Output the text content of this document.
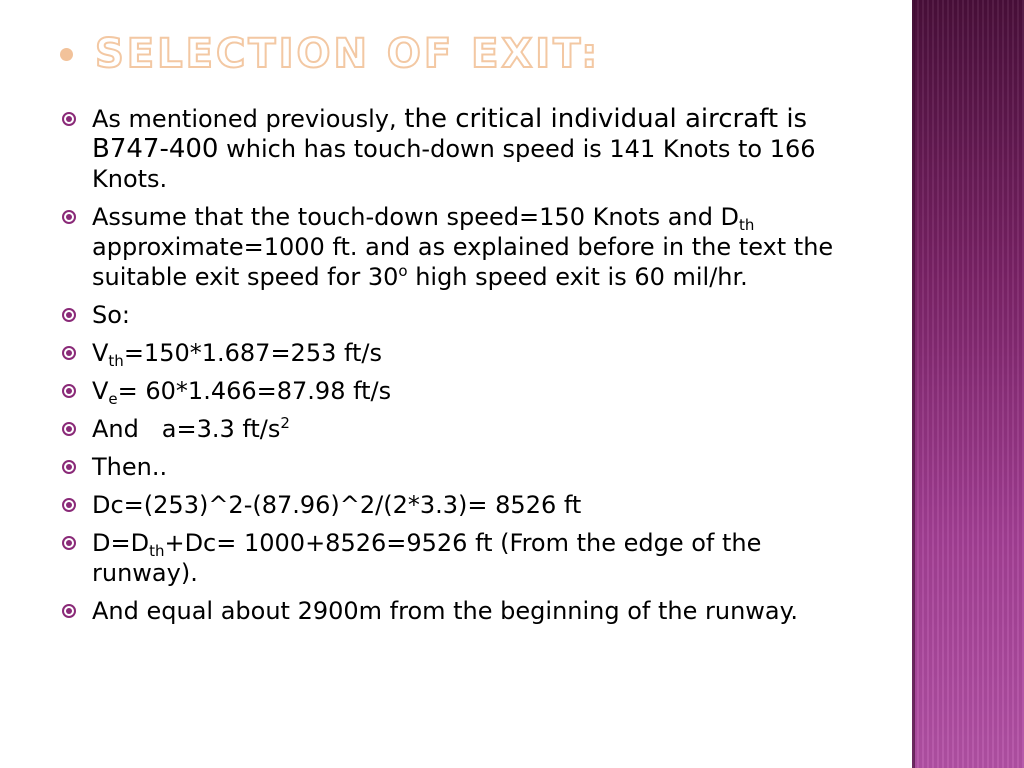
SELECTION OF EXIT:
As mentioned previously, the critical individual aircraft is B747-400 which has touch-down speed is 141 Knots to 166 Knots.
Assume that the touch-down speed=150 Knots and $D_{th}$ approximate=1000 ft. and as explained before in the text the suitable exit speed for 30$^o$ high speed exit is 60 mil/hr.
So:
$V_{th}=150*1.687=253$ ft/s
$V_e= 60*1.466=87.98$ ft/s
And   a=3.3 $ft/s^2$
Then..
Dc=(253)^2-(87.96)^2/(2*3.3)= 8526 ft
$D=D_{th}+Dc= 1000+8526=9526$ ft (From the edge of the runway).
And equal about 2900m from the beginning of the runway.
